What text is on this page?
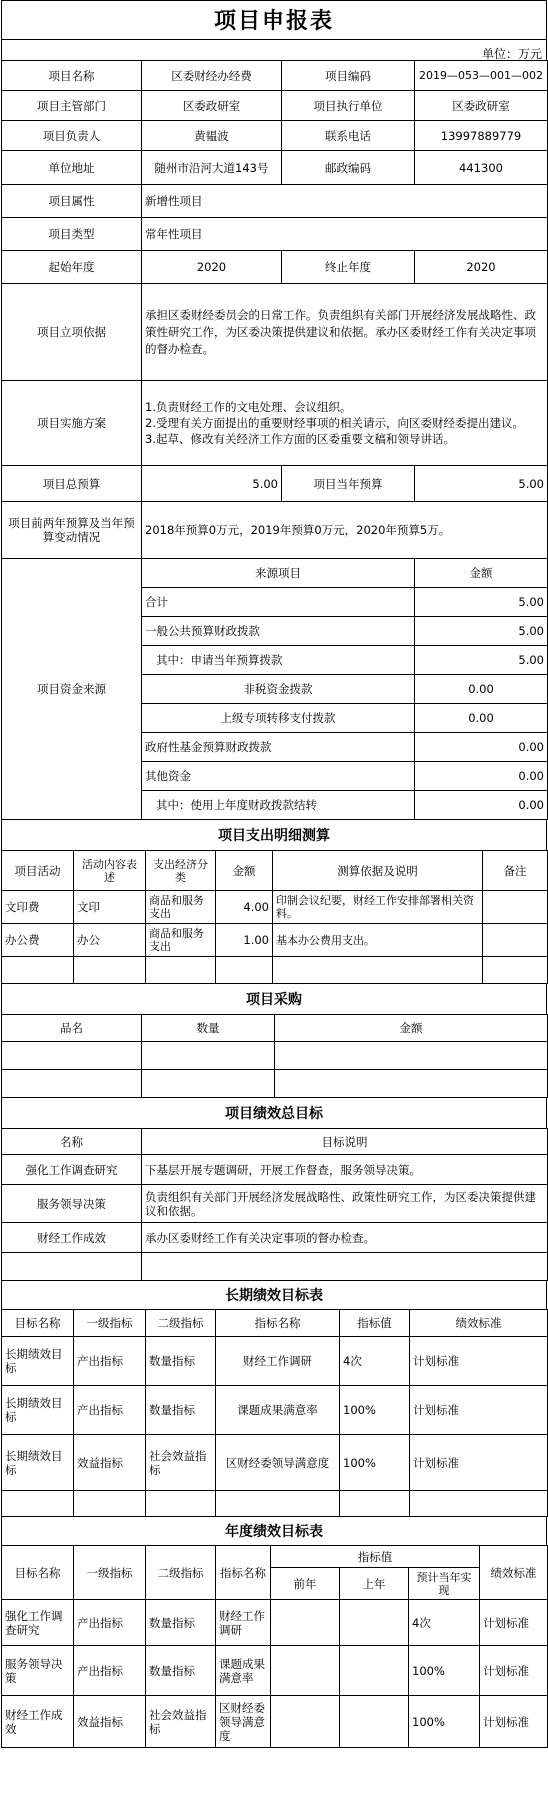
项目申报表
单位：万元
项目名称	区委财经办经费	项目编码	2019—053—001—002
项目主管部门	区委政研室	项目执行单位	区委政研室
项目负责人	黄韫波	联系电话	13997889779
单位地址	随州市沿河大道143号	邮政编码	441300
项目属性	新增性项目		
项目类型	常年性项目		
起始年度	2020	终止年度	2020
项目立项依据	承担区委财经委员会的日常工作。负责组织有关部门开展经济发展战略性、政策性研究工作，为区委决策提供建议和依据。承办区委财经工作有关决定事项的督办检查。		
项目实施方案	1.负责财经工作的文电处理、会议组织。
2.受理有关方面提出的重要财经事项的相关请示，向区委财经委提出建议。
3.起草、修改有关经济工作方面的区委重要文稿和领导讲话。		

项目总预算	5.00	项目当年预算	5.00
项目前两年预算及当年预算变动情况	2018年预算0万元，2019年预算0万元，2020年预算5万。		
项目资金来源	来源项目	金额
	合计	5.00
	一般公共预算财政拨款	5.00
	其中：申请当年预算拨款	5.00
	非税资金拨款	0.00
	上级专项转移支付拨款	0.00
	政府性基金预算财政拨款	0.00
	其他资金	0.00
	其中：使用上年度财政拨款结转	0.00
项目支出明细测算
项目活动	活动内容表述	支出经济分类	金额	测算依据及说明	备注
文印费	文印	商品和服务支出	4.00	印制会议纪要，财经工作安排部署相关资料。	
办公费	办公	商品和服务支出	1.00	基本办公费用支出。	

项目采购
品名	数量	金额

项目绩效总目标
名称	目标说明
强化工作调查研究	下基层开展专题调研，开展工作督查，服务领导决策。
服务领导决策	负责组织有关部门开展经济发展战略性、政策性研究工作，为区委决策提供建议和依据。
财经工作成效	承办区委财经工作有关决定事项的督办检查。

长期绩效目标表
目标名称	一级指标	二级指标	指标名称	指标值	绩效标准
长期绩效目标	产出指标	数量指标	财经工作调研	4次	计划标准
长期绩效目标	产出指标	数量指标	课题成果满意率	100%	计划标准
长期绩效目标	效益指标	社会效益指标	区财经委领导满意度	100%	计划标准

年度绩效目标表
目标名称	一级指标	二级指标	指标名称	指标值			绩效标准
				前年	上年	预计当年实现	
强化工作调查研究	产出指标	数量指标	财经工作调研			4次	计划标准
服务领导决策	产出指标	数量指标	课题成果满意率			100%	计划标准
财经工作成效	效益指标	社会效益指标	区财经委领导满意度			100%	计划标准
